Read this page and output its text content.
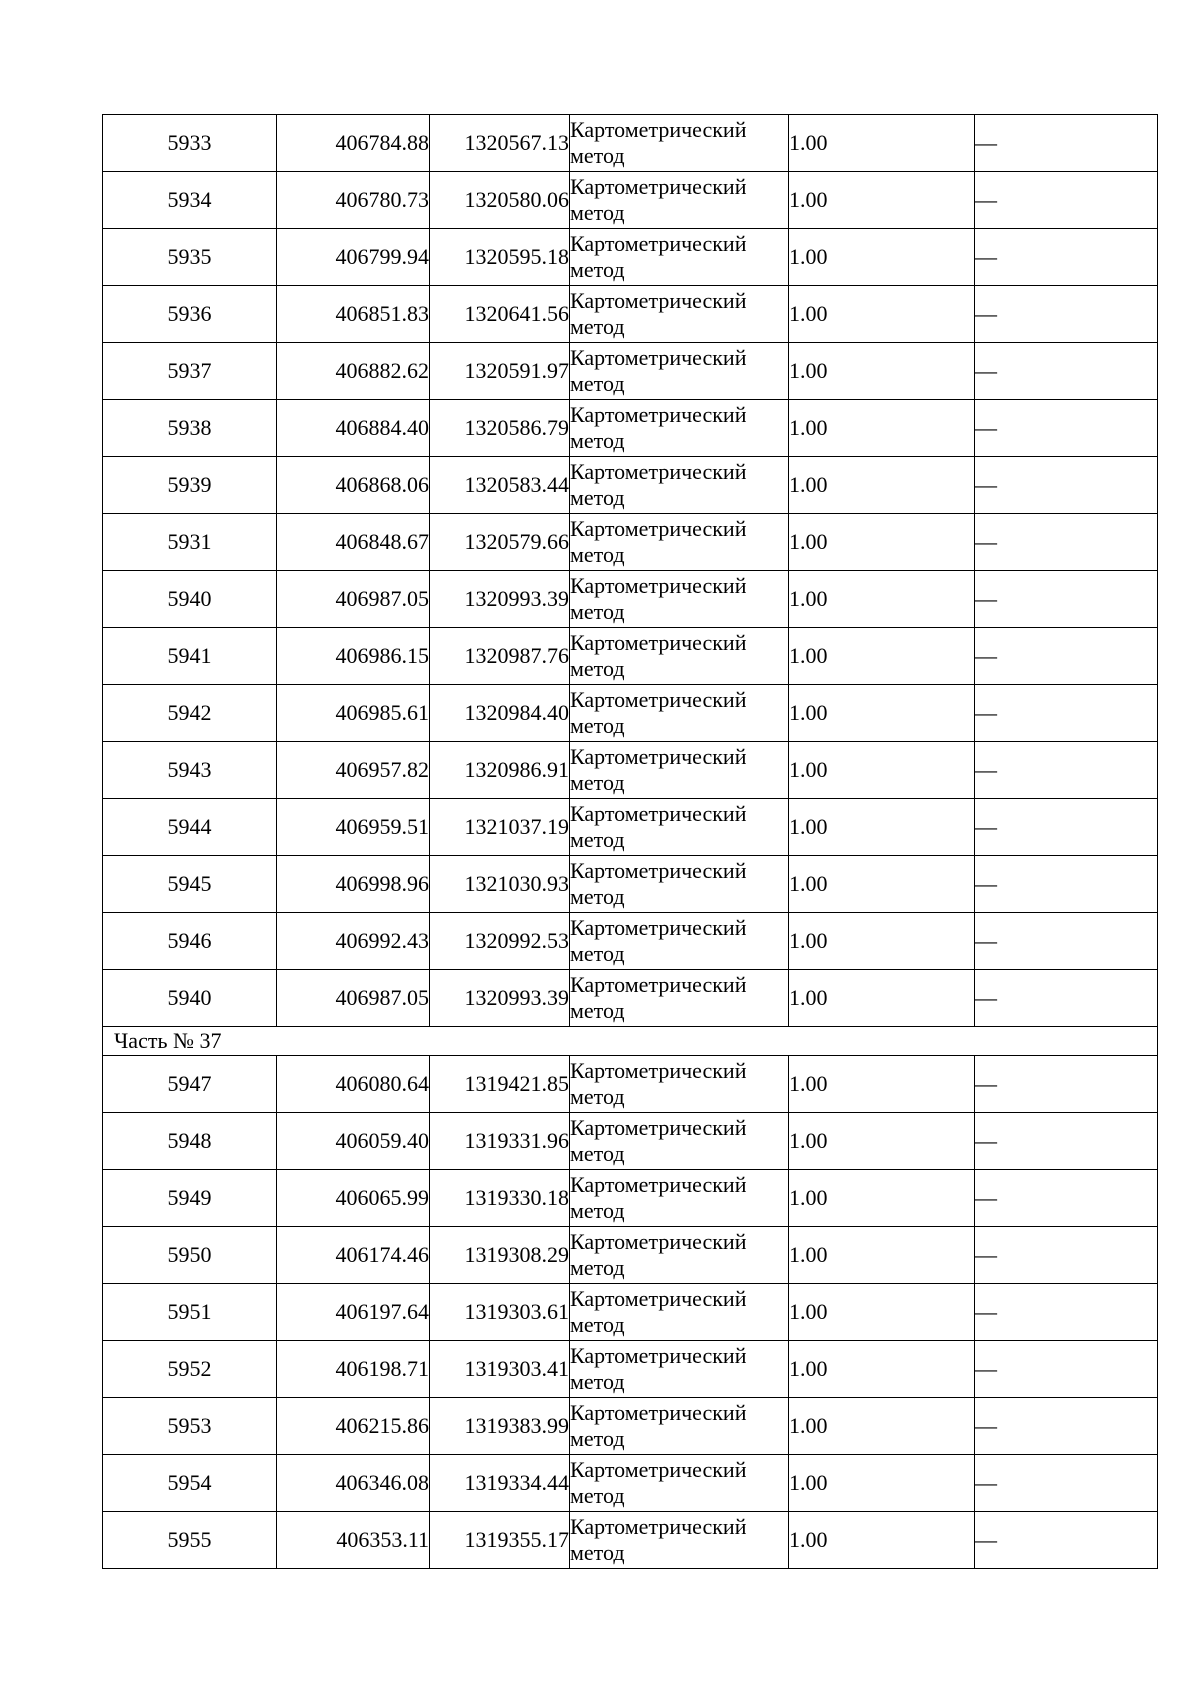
5933	406784.88	1320567.13	Картометрический
метод	1.00	—
5934	406780.73	1320580.06	Картометрический
метод	1.00	—
5935	406799.94	1320595.18	Картометрический
метод	1.00	—
5936	406851.83	1320641.56	Картометрический
метод	1.00	—
5937	406882.62	1320591.97	Картометрический
метод	1.00	—
5938	406884.40	1320586.79	Картометрический
метод	1.00	—
5939	406868.06	1320583.44	Картометрический
метод	1.00	—
5931	406848.67	1320579.66	Картометрический
метод	1.00	—
5940	406987.05	1320993.39	Картометрический
метод	1.00	—
5941	406986.15	1320987.76	Картометрический
метод	1.00	—
5942	406985.61	1320984.40	Картометрический
метод	1.00	—
5943	406957.82	1320986.91	Картометрический
метод	1.00	—
5944	406959.51	1321037.19	Картометрический
метод	1.00	—
5945	406998.96	1321030.93	Картометрический
метод	1.00	—
5946	406992.43	1320992.53	Картометрический
метод	1.00	—
5940	406987.05	1320993.39	Картометрический
метод	1.00	—
Часть № 37					
5947	406080.64	1319421.85	Картометрический
метод	1.00	—
5948	406059.40	1319331.96	Картометрический
метод	1.00	—
5949	406065.99	1319330.18	Картометрический
метод	1.00	—
5950	406174.46	1319308.29	Картометрический
метод	1.00	—
5951	406197.64	1319303.61	Картометрический
метод	1.00	—
5952	406198.71	1319303.41	Картометрический
метод	1.00	—
5953	406215.86	1319383.99	Картометрический
метод	1.00	—
5954	406346.08	1319334.44	Картометрический
метод	1.00	—
5955	406353.11	1319355.17	Картометрический
метод	1.00	—
